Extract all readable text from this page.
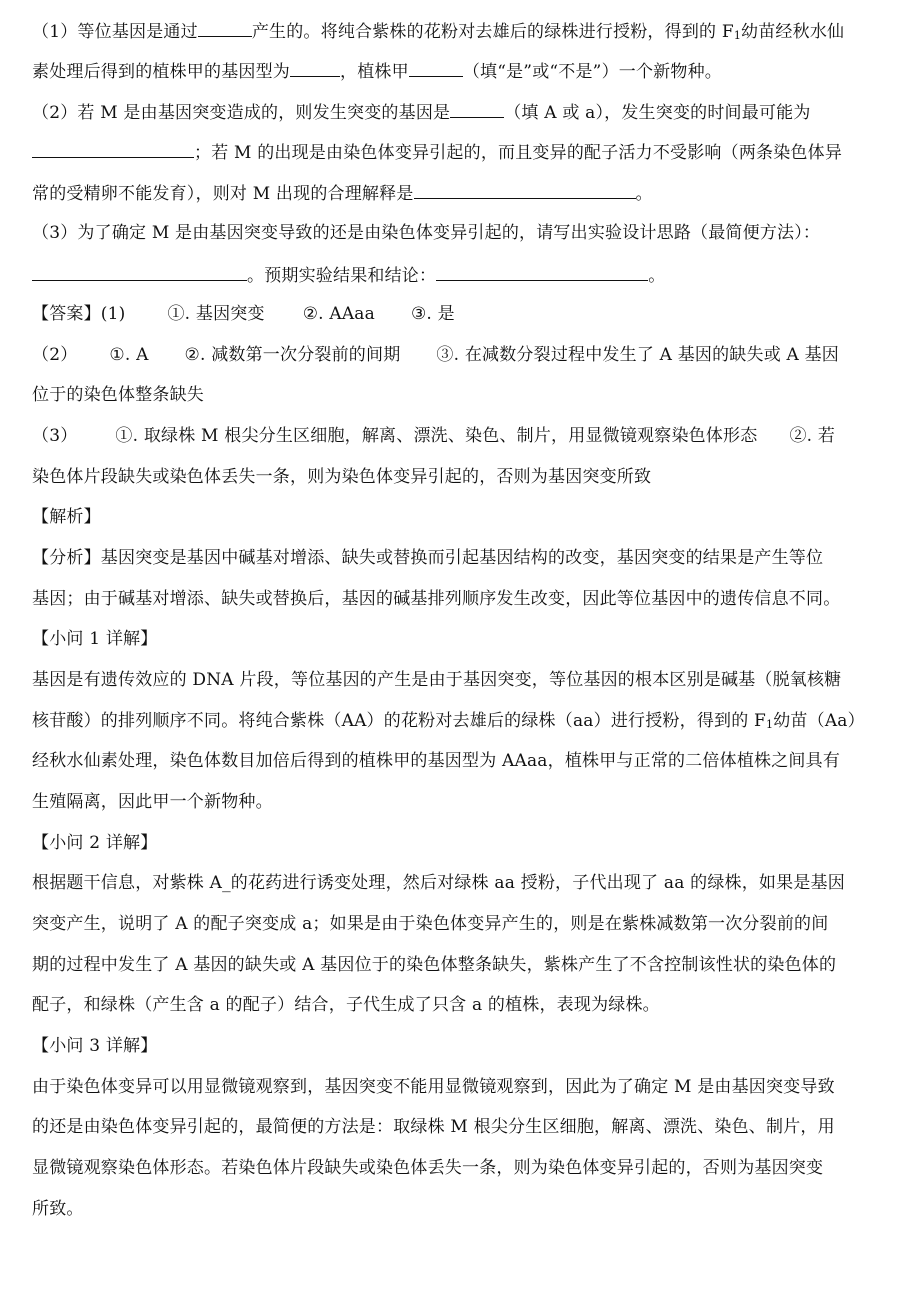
（1）等位基因是通过	产生的。将纯合紫株的花粉对去雄后的绿株进行授粉，得到的 F1幼苗经秋水仙
素处理后得到的植株甲的基因型为	，植株甲	（填“是”或“不是”）一个新物种。
（2）若 M 是由基因突变造成的，则发生突变的基因是	（填 A 或 a），发生突变的时间最可能为
；若 M 的出现是由染色体变异引起的，而且变异的配子活力不受影响（两条染色体异
常的受精卵不能发育），则对 M 出现的合理解释是	。
（3）为了确定 M 是由基因突变导致的还是由染色体变异引起的，请写出实验设计思路（最简便方法）：
。预期实验结果和结论：	。
【答案】(1) ①. 基因突变 ②. AAaa ③. 是
（2） ①. A ②. 减数第一次分裂前的间期 ③. 在减数分裂过程中发生了 A 基因的缺失或 A 基因
位于的染色体整条缺失
（3） ①. 取绿株 M 根尖分生区细胞，解离、漂洗、染色、制片，用显微镜观察染色体形态 ②. 若
染色体片段缺失或染色体丢失一条，则为染色体变异引起的，否则为基因突变所致
【解析】
【分析】基因突变是基因中碱基对增添、缺失或替换而引起基因结构的改变，基因突变的结果是产生等位
基因；由于碱基对增添、缺失或替换后，基因的碱基排列顺序发生改变，因此等位基因中的遗传信息不同。
【小问 1 详解】
基因是有遗传效应的 DNA 片段，等位基因的产生是由于基因突变，等位基因的根本区别是碱基（脱氧核糖
核苷酸）的排列顺序不同。将纯合紫株（AA）的花粉对去雄后的绿株（aa）进行授粉，得到的 F1幼苗（Aa）
经秋水仙素处理，染色体数目加倍后得到的植株甲的基因型为 AAaa，植株甲与正常的二倍体植株之间具有
生殖隔离，因此甲一个新物种。
【小问 2 详解】
根据题干信息，对紫株 A_的花药进行诱变处理，然后对绿株 aa 授粉，子代出现了 aa 的绿株，如果是基因
突变产生，说明了 A 的配子突变成 a；如果是由于染色体变异产生的，则是在紫株减数第一次分裂前的间
期的过程中发生了 A 基因的缺失或 A 基因位于的染色体整条缺失，紫株产生了不含控制该性状的染色体的
配子，和绿株（产生含 a 的配子）结合，子代生成了只含 a 的植株，表现为绿株。
【小问 3 详解】
由于染色体变异可以用显微镜观察到，基因突变不能用显微镜观察到，因此为了确定 M 是由基因突变导致
的还是由染色体变异引起的，最简便的方法是：取绿株 M 根尖分生区细胞，解离、漂洗、染色、制片，用
显微镜观察染色体形态。若染色体片段缺失或染色体丢失一条，则为染色体变异引起的，否则为基因突变
所致。
